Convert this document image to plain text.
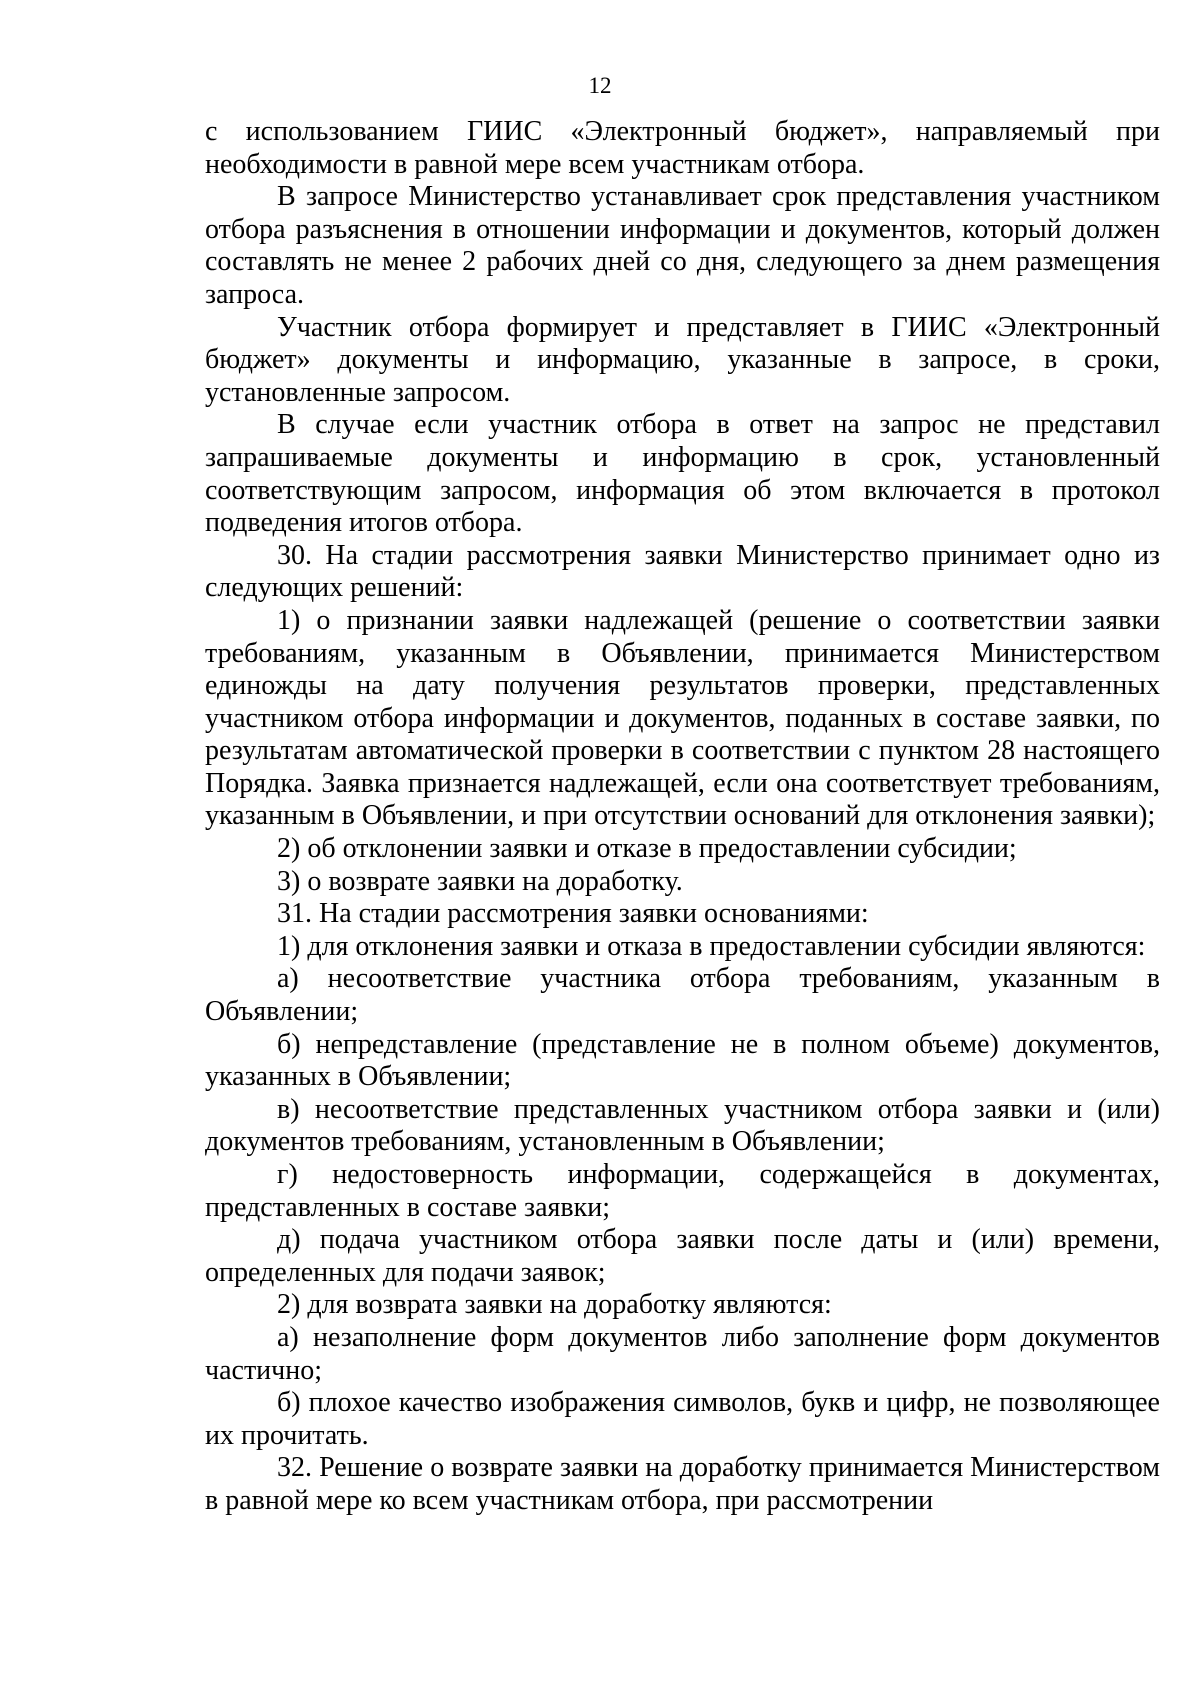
12

с использованием ГИИС «Электронный бюджет», направляемый при необходимости в равной мере всем участникам отбора.

В запросе Министерство устанавливает срок представления участником отбора разъяснения в отношении информации и документов, который должен составлять не менее 2 рабочих дней со дня, следующего за днем размещения запроса.

Участник отбора формирует и представляет в ГИИС «Электронный бюджет» документы и информацию, указанные в запросе, в сроки, установленные запросом.

В случае если участник отбора в ответ на запрос не представил запрашиваемые документы и информацию в срок, установленный соответствующим запросом, информация об этом включается в протокол подведения итогов отбора.

30. На стадии рассмотрения заявки Министерство принимает одно из следующих решений:

1) о признании заявки надлежащей (решение о соответствии заявки требованиям, указанным в Объявлении, принимается Министерством единожды на дату получения результатов проверки, представленных участником отбора информации и документов, поданных в составе заявки, по результатам автоматической проверки в соответствии с пунктом 28 настоящего Порядка. Заявка признается надлежащей, если она соответствует требованиям, указанным в Объявлении, и при отсутствии оснований для отклонения заявки);

2) об отклонении заявки и отказе в предоставлении субсидии;

3) о возврате заявки на доработку.

31. На стадии рассмотрения заявки основаниями:

1) для отклонения заявки и отказа в предоставлении субсидии являются:

а) несоответствие участника отбора требованиям, указанным в Объявлении;

б) непредставление (представление не в полном объеме) документов, указанных в Объявлении;

в) несоответствие представленных участником отбора заявки и (или) документов требованиям, установленным в Объявлении;

г) недостоверность информации, содержащейся в документах, представленных в составе заявки;

д) подача участником отбора заявки после даты и (или) времени, определенных для подачи заявок;

2) для возврата заявки на доработку являются:

а) незаполнение форм документов либо заполнение форм документов частично;

б) плохое качество изображения символов, букв и цифр, не позволяющее их прочитать.

32. Решение о возврате заявки на доработку принимается Министерством в равной мере ко всем участникам отбора, при рассмотрении
